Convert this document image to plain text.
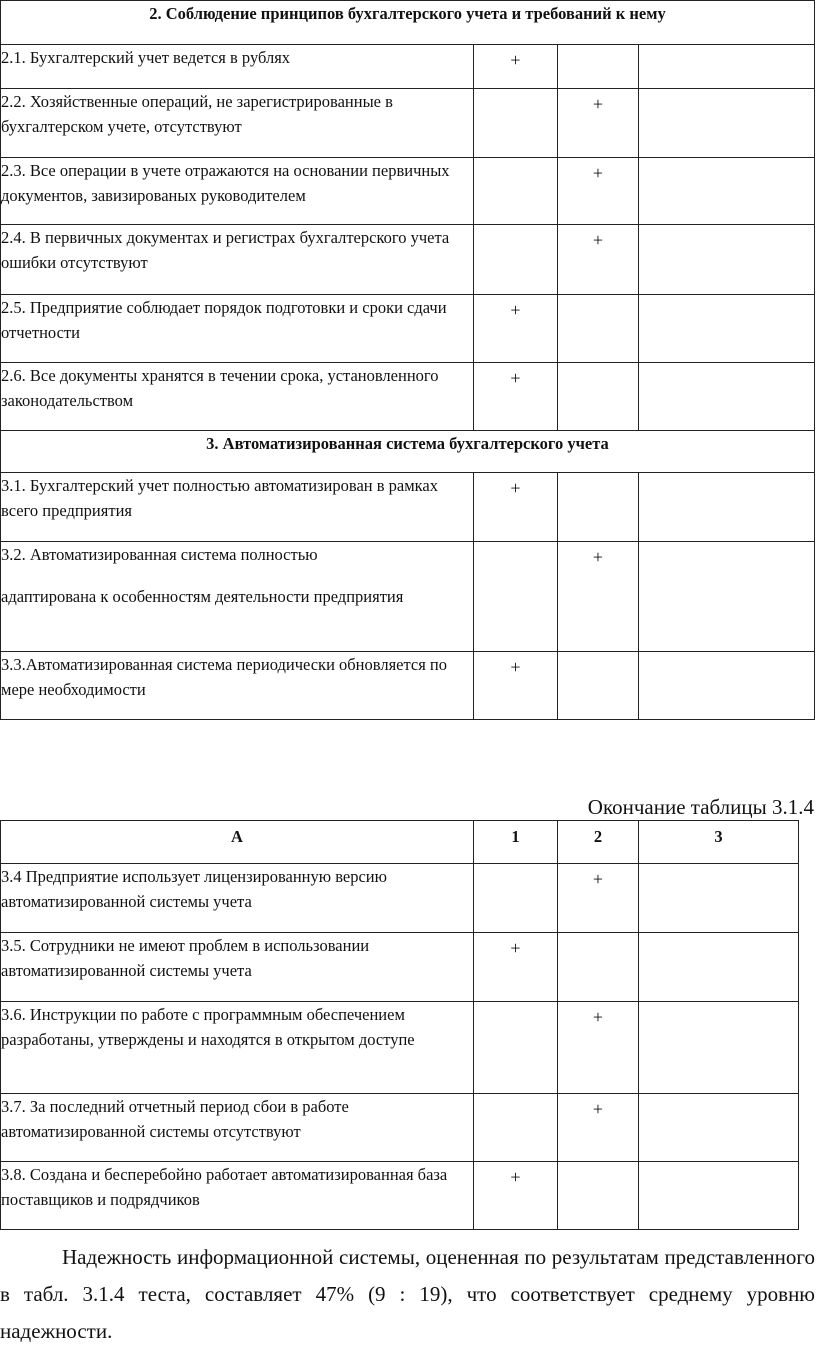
2. Соблюдение принципов бухгалтерского учета и требований к нему			
2.1. Бухгалтерский учет ведется в рублях	+		

2.2. Хозяйственные операций, не зарегистрированные в бухгалтерском учете, отсутствуют		+	

2.3. Все операции в учете отражаются на основании первичных документов, завизированых руководителем		+	

2.4. В первичных документах и регистрах бухгалтерского учета ошибки отсутствуют		+	

2.5. Предприятие соблюдает порядок подготовки и сроки сдачи отчетности	+		

2.6. Все документы хранятся в течении срока, установленного законодательством	+		

3. Автоматизированная система бухгалтерского учета			
3.1. Бухгалтерский учет полностью автоматизирован в рамках всего предприятия	+		

3.2. Автоматизированная система полностью
адаптирована к особенностям деятельности предприятия		+	

3.3.Автоматизированная система периодически обновляется по мере необходимости	+		

Окончание таблицы 3.1.4
А	1	2	3
3.4 Предприятие использует лицензированную версию автоматизированной системы учета		+	

3.5. Сотрудники не имеют проблем в использовании автоматизированной системы учета	+		

3.6. Инструкции по работе с программным обеспечением разработаны, утверждены и находятся в открытом доступе		+	

3.7. За последний отчетный период сбои в работе автоматизированной системы отсутствуют		+	

3.8. Создана и бесперебойно работает автоматизированная база поставщиков и подрядчиков	+		

Надежность информационной системы, оцененная по результатам представленного в табл. 3.1.4 теста, составляет 47% (9 : 19), что соответствует среднему уровню надежности.
